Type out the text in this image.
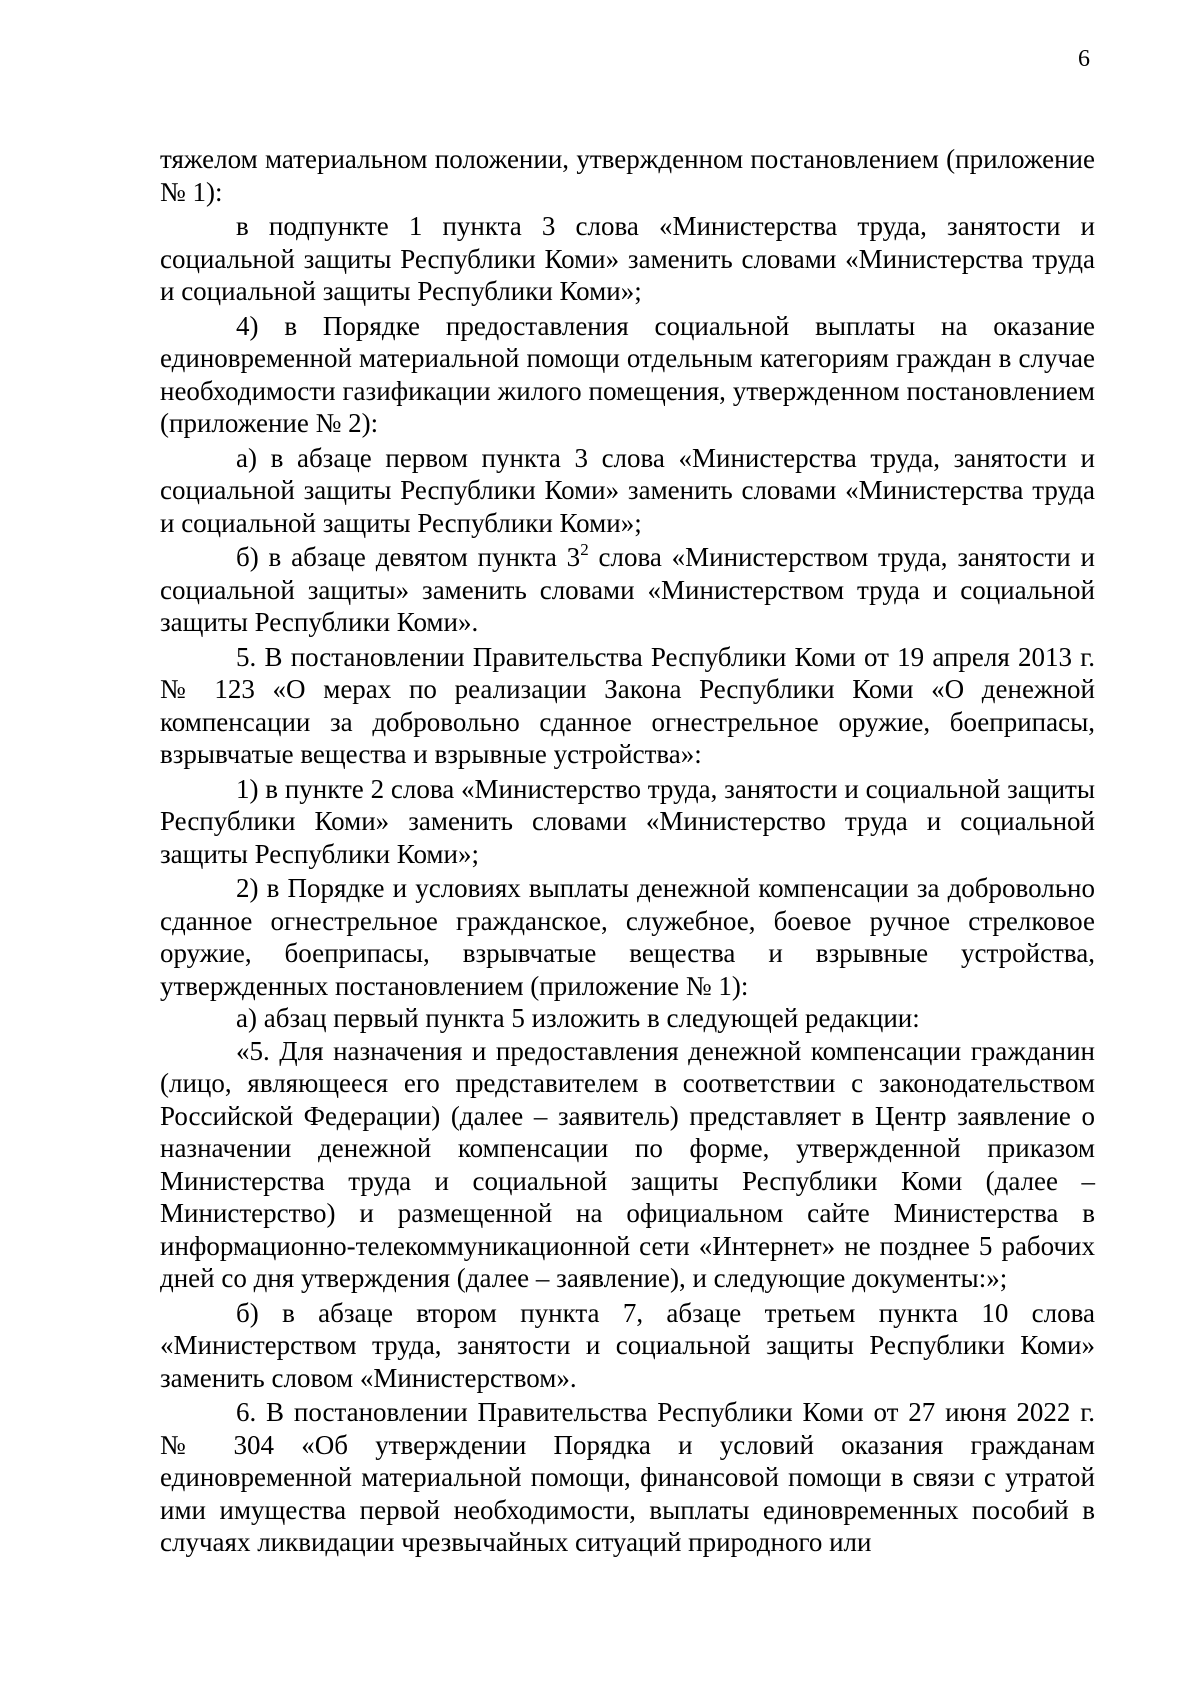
6

тяжелом материальном положении, утвержденном постановлением (приложение № 1):

в подпункте 1 пункта 3 слова «Министерства труда, занятости и социальной защиты Республики Коми» заменить словами «Министерства труда и социальной защиты Республики Коми»;

4) в Порядке предоставления социальной выплаты на оказание единовременной материальной помощи отдельным категориям граждан в случае необходимости газификации жилого помещения, утвержденном постановлением (приложение № 2):

а) в абзаце первом пункта 3 слова «Министерства труда, занятости и социальной защиты Республики Коми» заменить словами «Министерства труда и социальной защиты Республики Коми»;

б) в абзаце девятом пункта $3^2$ слова «Министерством труда, занятости и социальной защиты» заменить словами «Министерством труда и социальной защиты Республики Коми».

5. В постановлении Правительства Республики Коми от 19 апреля 2013 г. № 123 «О мерах по реализации Закона Республики Коми «О денежной компенсации за добровольно сданное огнестрельное оружие, боеприпасы, взрывчатые вещества и взрывные устройства»:

1) в пункте 2 слова «Министерство труда, занятости и социальной защиты Республики Коми» заменить словами «Министерство труда и социальной защиты Республики Коми»;

2) в Порядке и условиях выплаты денежной компенсации за добровольно сданное огнестрельное гражданское, служебное, боевое ручное стрелковое оружие, боеприпасы, взрывчатые вещества и взрывные устройства, утвержденных постановлением (приложение № 1):

а) абзац первый пункта 5 изложить в следующей редакции:

«5. Для назначения и предоставления денежной компенсации гражданин (лицо, являющееся его представителем в соответствии с законодательством Российской Федерации) (далее – заявитель) представляет в Центр заявление о назначении денежной компенсации по форме, утвержденной приказом Министерства труда и социальной защиты Республики Коми (далее – Министерство) и размещенной на официальном сайте Министерства в информационно-телекоммуникационной сети «Интернет» не позднее 5 рабочих дней со дня утверждения (далее – заявление), и следующие документы:»;

б) в абзаце втором пункта 7, абзаце третьем пункта 10 слова «Министерством труда, занятости и социальной защиты Республики Коми» заменить словом «Министерством».

6. В постановлении Правительства Республики Коми от 27 июня 2022 г. № 304 «Об утверждении Порядка и условий оказания гражданам единовременной материальной помощи, финансовой помощи в связи с утратой ими имущества первой необходимости, выплаты единовременных пособий в случаях ликвидации чрезвычайных ситуаций природного или
